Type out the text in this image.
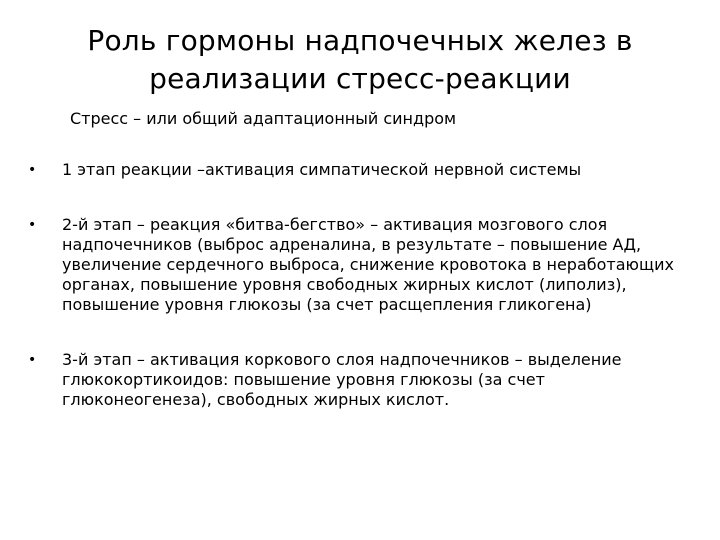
Роль гормоны надпочечных желез в реализации стресс-реакции
Стресс – или общий адаптационный синдром
• 1 этап реакции –активация симпатической нервной системы
• 2-й этап – реакция «битва-бегство» – активация мозгового слоя надпочечников (выброс адреналина, в результате – повышение АД, увеличение сердечного выброса, снижение кровотока в неработающих органах, повышение уровня свободных жирных кислот (липолиз), повышение уровня глюкозы (за счет расщепления гликогена)
• 3-й этап – активация коркового слоя надпочечников – выделение глюкокортикоидов: повышение уровня глюкозы (за счет глюконеогенеза), свободных жирных кислот.
